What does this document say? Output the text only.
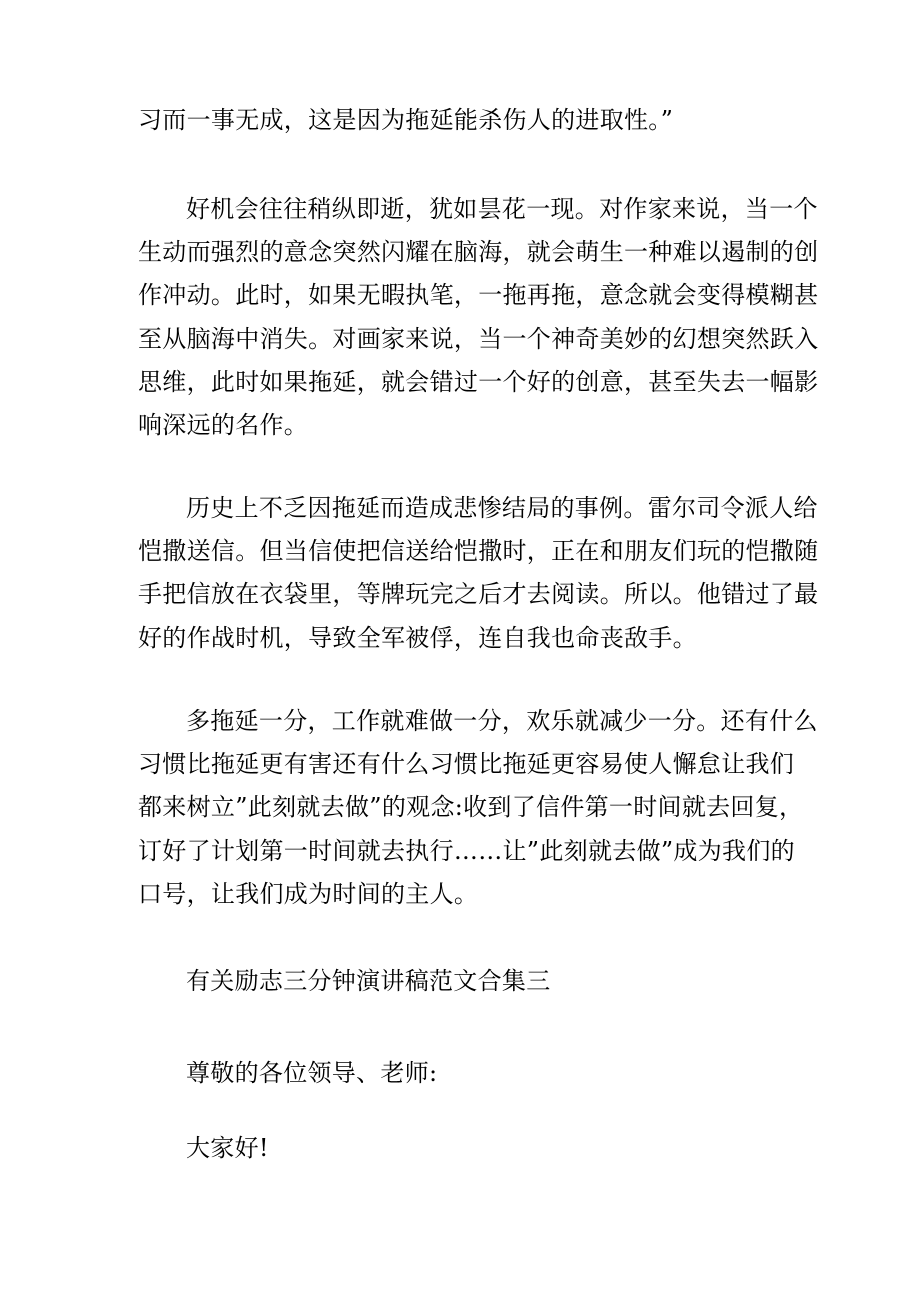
习而一事无成，这是因为拖延能杀伤人的进取性。”

好机会往往稍纵即逝，犹如昙花一现。对作家来说，当一个
生动而强烈的意念突然闪耀在脑海，就会萌生一种难以遏制的创
作冲动。此时，如果无暇执笔，一拖再拖，意念就会变得模糊甚
至从脑海中消失。对画家来说，当一个神奇美妙的幻想突然跃入
思维，此时如果拖延，就会错过一个好的创意，甚至失去一幅影
响深远的名作。

历史上不乏因拖延而造成悲惨结局的事例。雷尔司令派人给
恺撒送信。但当信使把信送给恺撒时，正在和朋友们玩的恺撒随
手把信放在衣袋里，等牌玩完之后才去阅读。所以。他错过了最
好的作战时机，导致全军被俘，连自我也命丧敌手。

多拖延一分，工作就难做一分，欢乐就减少一分。还有什么
习惯比拖延更有害还有什么习惯比拖延更容易使人懈怠让我们
都来树立”此刻就去做”的观念:收到了信件第一时间就去回复，
订好了计划第一时间就去执行……让”此刻就去做”成为我们的
口号，让我们成为时间的主人。

有关励志三分钟演讲稿范文合集三

尊敬的各位领导、老师:

大家好!
